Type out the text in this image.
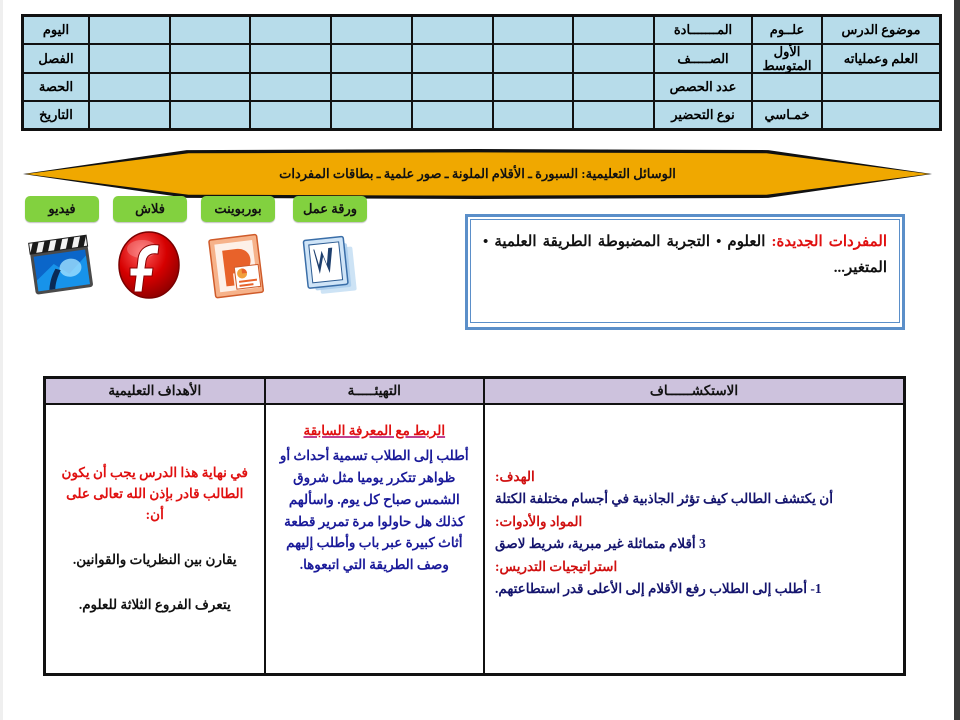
موضوع الدرس	علــوم	المـــــــادة								اليوم
العلم وعملياته	الأول المتوسط	الصـــــف								الفصل
		عدد الحصص								الحصة
	خمـاسي	نوع التحضير								التاريخ
الوسائل التعليمية: السبورة ـ الأقلام الملونة ـ صور علمية ـ بطاقات المفردات
فيديو	فلاش	بوربوينت	ورقة عمل
المفردات الجديدة: العلوم • التجربة المضبوطة الطريقة العلمية • المتغير...
الاستكشــــــاف	التهيئـــــة	الأهداف التعليمية

الهدف:
أن يكتشف الطالب كيف تؤثر الجاذبية في أجسام مختلفة الكتلة
المواد والأدوات:
3 أقلام متماثلة غير مبرية، شريط لاصق
استراتيجيات التدريس:
1- أطلب إلى الطلاب رفع الأقلام إلى الأعلى قدر استطاعتهم.

الربط مع المعرفة السابقة
أطلب إلى الطلاب تسمية أحداث أو ظواهر تتكرر يوميا مثل شروق الشمس صباح كل يوم. واسألهم كذلك هل حاولوا مرة تمرير قطعة أثاث كبيرة عبر باب وأطلب إليهم وصف الطريقة التي اتبعوها.

في نهاية هذا الدرس يجب أن يكون الطالب قادر بإذن الله تعالى على أن:
يقارن بين النظريات والقوانين.
يتعرف الفروع الثلاثة للعلوم.
